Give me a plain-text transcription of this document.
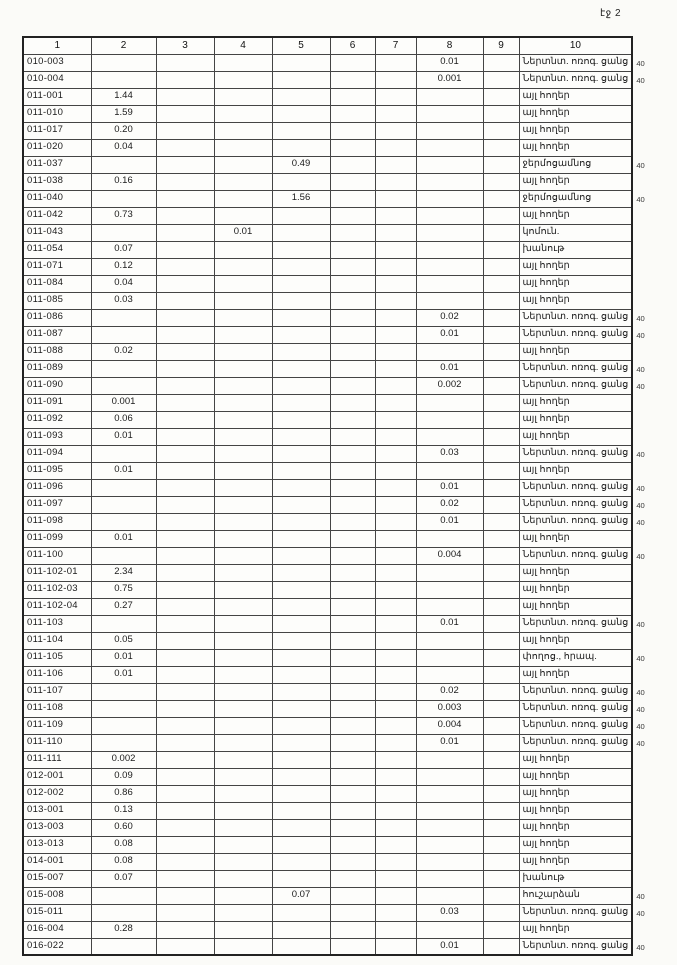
էջ 2
1	2	3	4	5	6	7	8	9	10
010-003							0.01		Ներտնտ. ոռոգ. ցանց
010-004							0.001		Ներտնտ. ոռոգ. ցանց
011-001	1.44								այլ հողեր
011-010	1.59								այլ հողեր
011-017	0.20								այլ հողեր
011-020	0.04								այլ հողեր
011-037				0.49					ջերմոցամնոց
011-038	0.16								այլ հողեր
011-040				1.56					ջերմոցամնոց
011-042	0.73								այլ հողեր
011-043			0.01						կոմուն.
011-054	0.07								խանութ
011-071	0.12								այլ հողեր
011-084	0.04								այլ հողեր
011-085	0.03								այլ հողեր
011-086							0.02		Ներտնտ. ոռոգ. ցանց
011-087							0.01		Ներտնտ. ոռոգ. ցանց
011-088	0.02								այլ հողեր
011-089							0.01		Ներտնտ. ոռոգ. ցանց
011-090							0.002		Ներտնտ. ոռոգ. ցանց
011-091	0.001								այլ հողեր
011-092	0.06								այլ հողեր
011-093	0.01								այլ հողեր
011-094							0.03		Ներտնտ. ոռոգ. ցանց
011-095	0.01								այլ հողեր
011-096							0.01		Ներտնտ. ոռոգ. ցանց
011-097							0.02		Ներտնտ. ոռոգ. ցանց
011-098							0.01		Ներտնտ. ոռոգ. ցանց
011-099	0.01								այլ հողեր
011-100							0.004		Ներտնտ. ոռոգ. ցանց
011-102-01	2.34								այլ հողեր
011-102-03	0.75								այլ հողեր
011-102-04	0.27								այլ հողեր
011-103							0.01		Ներտնտ. ոռոգ. ցանց
011-104	0.05								այլ հողեր
011-105	0.01								փողոց., հրապ.
011-106	0.01								այլ հողեր
011-107							0.02		Ներտնտ. ոռոգ. ցանց
011-108							0.003		Ներտնտ. ոռոգ. ցանց
011-109							0.004		Ներտնտ. ոռոգ. ցանց
011-110							0.01		Ներտնտ. ոռոգ. ցանց
011-111	0.002								այլ հողեր
012-001	0.09								այլ հողեր
012-002	0.86								այլ հողեր
013-001	0.13								այլ հողեր
013-003	0.60								այլ հողեր
013-013	0.08								այլ հողեր
014-001	0.08								այլ հողեր
015-007	0.07								խանութ
015-008				0.07					հուշարձան
015-011							0.03		Ներտնտ. ոռոգ. ցանց
016-004	0.28								այլ հողեր
016-022							0.01		Ներտնտ. ոռոգ. ցանց
40
40
40
40
40
40
40
40
40
40
40
40
40
40
40
40
40
40
40
40
40
40
